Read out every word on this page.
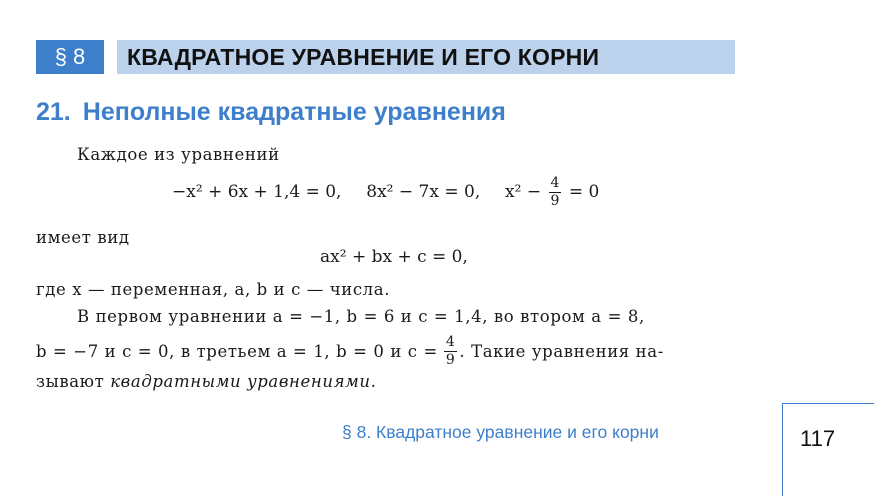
§ 8	КВАДРАТНОЕ УРАВНЕНИЕ И ЕГО КОРНИ
21. Неполные квадратные уравнения
Каждое из уравнений
−x² + 6x + 1,4 = 0, 8x² − 7x = 0, $x^2 - \frac{4}{9} = 0$
имеет вид
ax² + bx + c = 0,
где x — переменная, a, b и c — числа.
В первом уравнении a = −1, b = 6 и c = 1,4, во втором a = 8,
b = −7 и c = 0, в третьем a = 1, b = 0 и $c = \frac{4}{9}$ . Такие уравнения на-
зывают квадратными уравнениями.
§ 8. Квадратное уравнение и его корни	117
